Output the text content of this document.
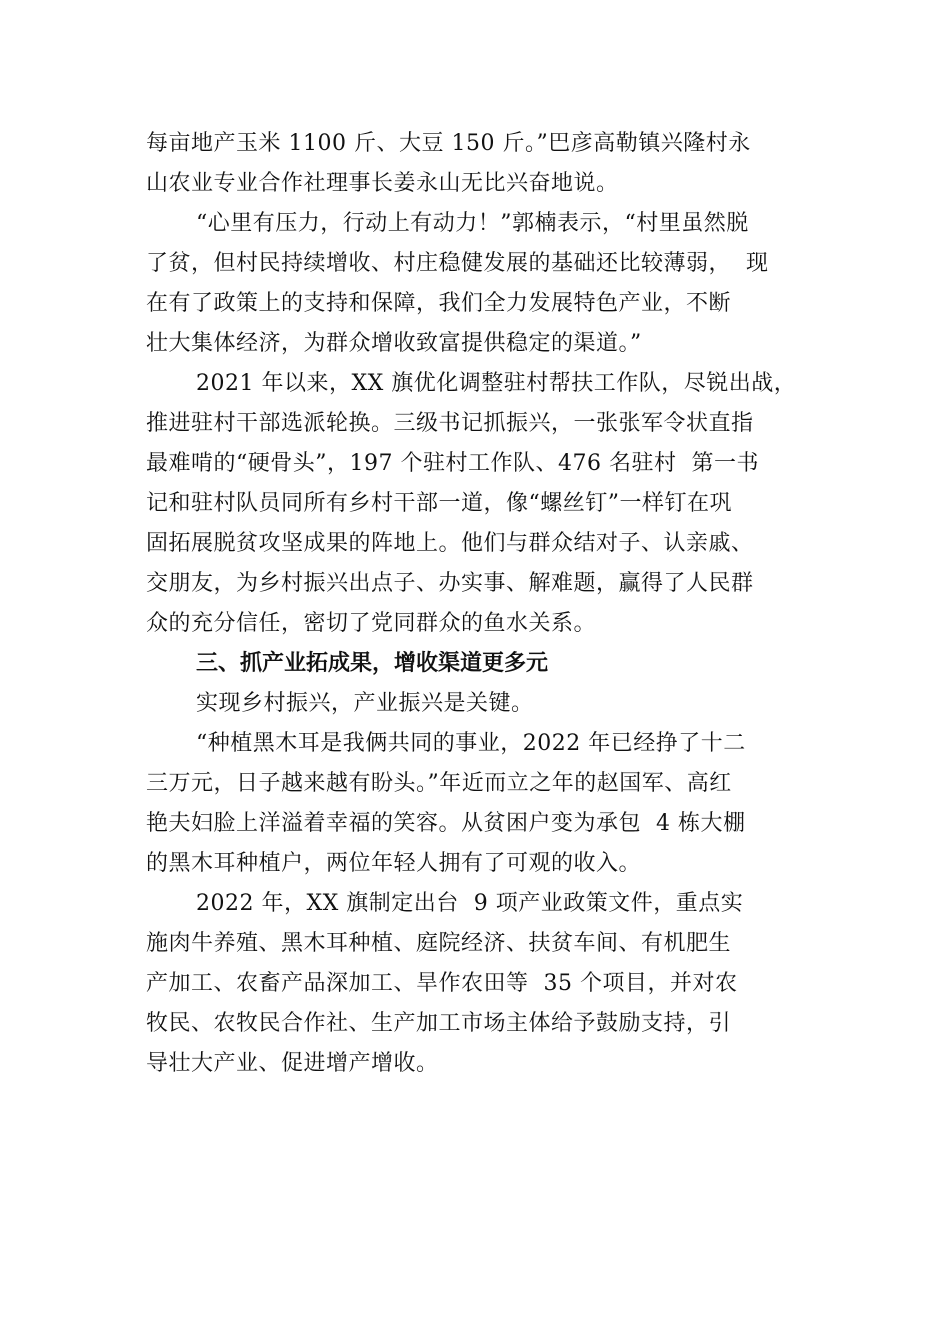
每亩地产玉米 1100 斤、大豆 150 斤。”巴彦高勒镇兴隆村永
山农业专业合作社理事长姜永山无比兴奋地说。
“心里有压力，行动上有动力！”郭楠表示，“村里虽然脱
了贫，但村民持续增收、村庄稳健发展的基础还比较薄弱，  现
在有了政策上的支持和保障，我们全力发展特色产业，不断
壮大集体经济，为群众增收致富提供稳定的渠道。”
2021 年以来，XX 旗优化调整驻村帮扶工作队，尽锐出战，
推进驻村干部选派轮换。三级书记抓振兴，一张张军令状直指
最难啃的“硬骨头”，197 个驻村工作队、476 名驻村  第一书
记和驻村队员同所有乡村干部一道，像“螺丝钉”一样钉在巩
固拓展脱贫攻坚成果的阵地上。他们与群众结对子、认亲戚、
交朋友，为乡村振兴出点子、办实事、解难题，赢得了人民群
众的充分信任，密切了党同群众的鱼水关系。
三、抓产业拓成果，增收渠道更多元
实现乡村振兴，产业振兴是关键。
“种植黑木耳是我俩共同的事业，2022 年已经挣了十二
三万元，日子越来越有盼头。”年近而立之年的赵国军、高红
艳夫妇脸上洋溢着幸福的笑容。从贫困户变为承包  4 栋大棚
的黑木耳种植户，两位年轻人拥有了可观的收入。
2022 年，XX 旗制定出台  9 项产业政策文件，重点实
施肉牛养殖、黑木耳种植、庭院经济、扶贫车间、有机肥生
产加工、农畜产品深加工、旱作农田等  35 个项目，并对农
牧民、农牧民合作社、生产加工市场主体给予鼓励支持，引
导壮大产业、促进增产增收。
